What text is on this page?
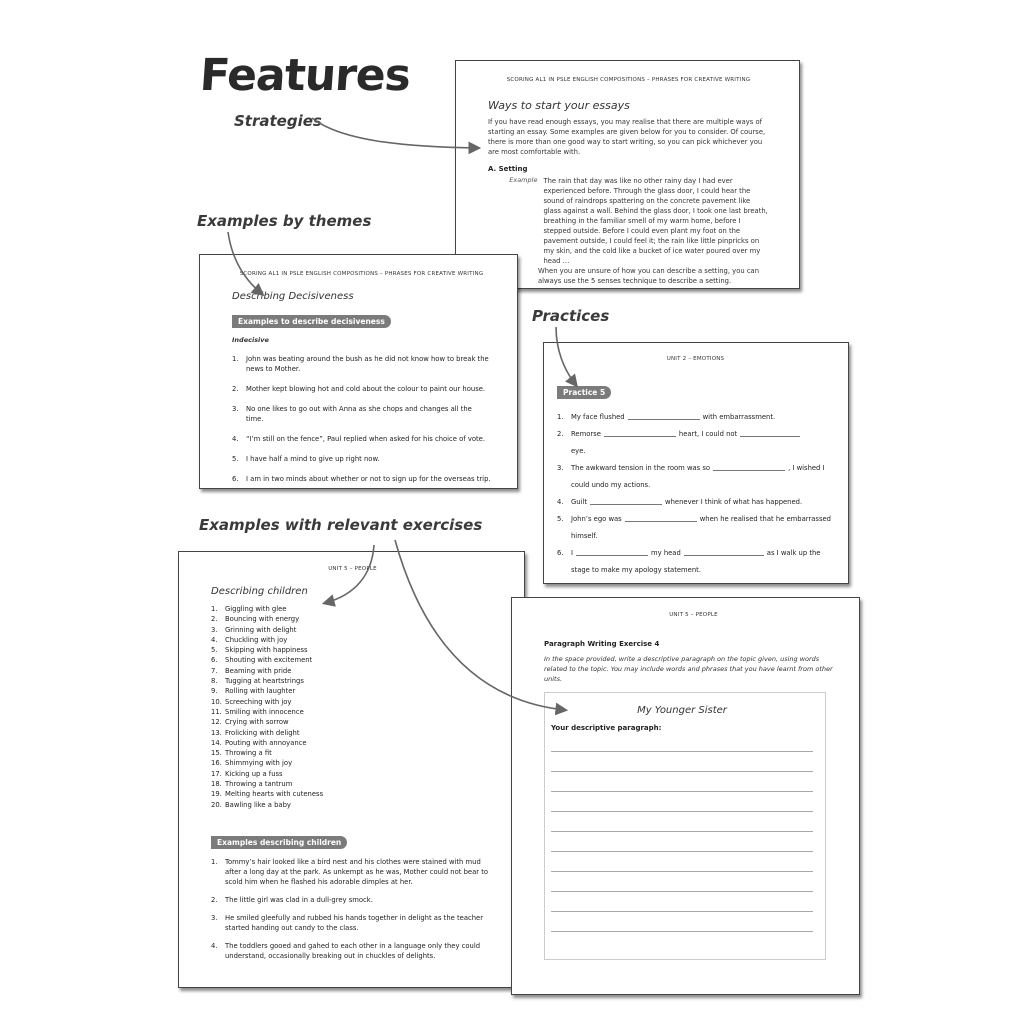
Features
Strategies
Examples by themes
Practices
Examples with relevant exercises
SCORING AL1 IN PSLE ENGLISH COMPOSITIONS – PHRASES FOR CREATIVE WRITING
Ways to start your essays
If you have read enough essays, you may realise that there are multiple ways of starting an essay. Some examples are given below for you to consider. Of course, there is more than one good way to start writing, so you can pick whichever you are most comfortable with.
A. Setting
Example The rain that day was like no other rainy day I had ever experienced before. Through the glass door, I could hear the sound of raindrops spattering on the concrete pavement like glass against a wall. Behind the glass door, I took one last breath, breathing in the familiar smell of my warm home, before I stepped outside. Before I could even plant my foot on the pavement outside, I could feel it; the rain like little pinpricks on my skin, and the cold like a bucket of ice water poured over my head …
When you are unsure of how you can describe a setting, you can always use the 5 senses technique to describe a setting.
SCORING AL1 IN PSLE ENGLISH COMPOSITIONS – PHRASES FOR CREATIVE WRITING
Describing Decisiveness
Examples to describe decisiveness
Indecisive
1.	John was beating around the bush as he did not know how to break the news to Mother.
2.	Mother kept blowing hot and cold about the colour to paint our house.
3.	No one likes to go out with Anna as she chops and changes all the time.
4.	“I’m still on the fence”, Paul replied when asked for his choice of vote.
5.	I have half a mind to give up right now.
6.	I am in two minds about whether or not to sign up for the overseas trip.
UNIT 2 – EMOTIONS
Practice 5
1.	My face flushed	with embarrassment.
2.	Remorse	heart, I could not
eye.
3.	The awkward tension in the room was so	, I wished I
could undo my actions.
4.	Guilt	whenever I think of what has happened.
5.	John’s ego was	when he realised that he embarrassed
himself.
6.	I	my head	as I walk up the
stage to make my apology statement.
UNIT 5 – PEOPLE
Describing children
1.	Giggling with glee
2.	Bouncing with energy
3.	Grinning with delight
4.	Chuckling with joy
5.	Skipping with happiness
6.	Shouting with excitement
7.	Beaming with pride
8.	Tugging at heartstrings
9.	Rolling with laughter
10. Screeching with joy
11. Smiling with innocence
12. Crying with sorrow
13. Frolicking with delight
14. Pouting with annoyance
15. Throwing a fit
16. Shimmying with joy
17. Kicking up a fuss
18. Throwing a tantrum
19. Melting hearts with cuteness
20. Bawling like a baby
Examples describing children
1.	Tommy’s hair looked like a bird nest and his clothes were stained with mud after a long day at the park. As unkempt as he was, Mother could not bear to scold him when he flashed his adorable dimples at her.
2.	The little girl was clad in a dull-grey smock.
3.	He smiled gleefully and rubbed his hands together in delight as the teacher started handing out candy to the class.
4.	The toddlers gooed and gahed to each other in a language only they could understand, occasionally breaking out in chuckles of delights.
UNIT 5 – PEOPLE
Paragraph Writing Exercise 4
In the space provided, write a descriptive paragraph on the topic given, using words related to the topic. You may include words and phrases that you have learnt from other units.
My Younger Sister
Your descriptive paragraph:
